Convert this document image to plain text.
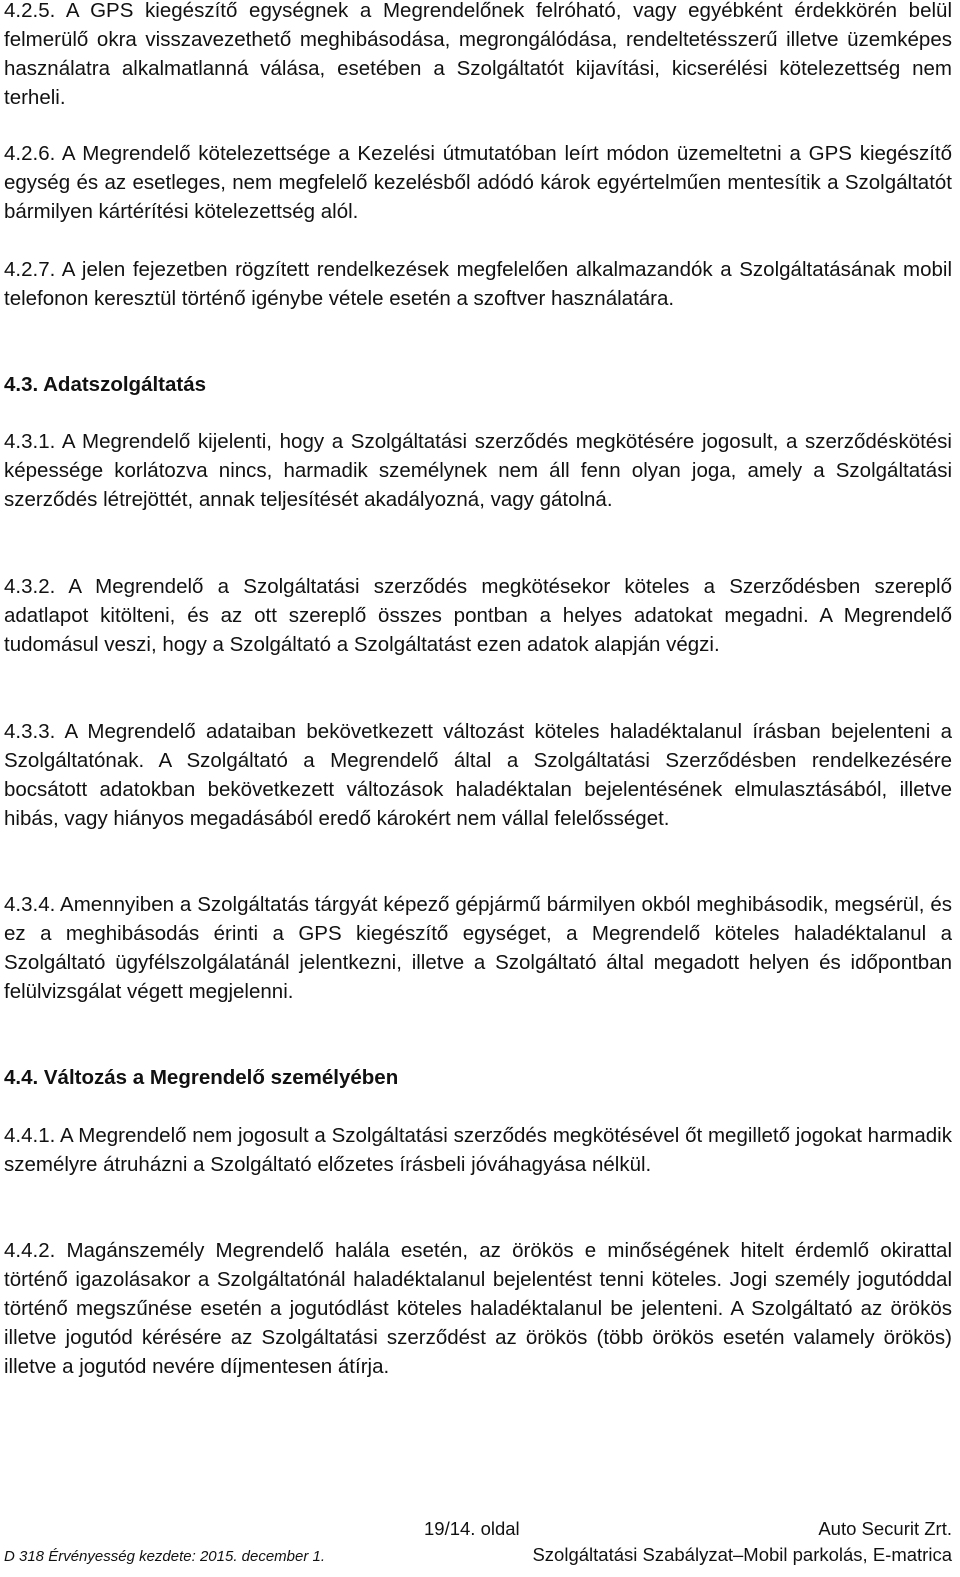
4.2.5. A GPS kiegészítő egységnek a Megrendelőnek felróható, vagy egyébként érdekkörén belül felmerülő okra visszavezethető meghibásodása, megrongálódása, rendeltetésszerű illetve üzemképes használatra alkalmatlanná válása, esetében a Szolgáltatót kijavítási, kicserélési kötelezettség nem terheli.

4.2.6. A Megrendelő kötelezettsége a Kezelési útmutatóban leírt módon üzemeltetni a GPS kiegészítő egység és az esetleges, nem megfelelő kezelésből adódó károk egyértelműen mentesítik a Szolgáltatót bármilyen kártérítési kötelezettség alól.

4.2.7. A jelen fejezetben rögzített rendelkezések megfelelően alkalmazandók a Szolgáltatásának mobil telefonon keresztül történő igénybe vétele esetén a szoftver használatára.

4.3. Adatszolgáltatás

4.3.1. A Megrendelő kijelenti, hogy a Szolgáltatási szerződés megkötésére jogosult, a szerződéskötési képessége korlátozva nincs, harmadik személynek nem áll fenn olyan joga, amely a Szolgáltatási szerződés létrejöttét, annak teljesítését akadályozná, vagy gátolná.

4.3.2. A Megrendelő a Szolgáltatási szerződés megkötésekor köteles a Szerződésben szereplő adatlapot kitölteni, és az ott szereplő összes pontban a helyes adatokat megadni. A Megrendelő tudomásul veszi, hogy a Szolgáltató a Szolgáltatást ezen adatok alapján végzi.

4.3.3. A Megrendelő adataiban bekövetkezett változást köteles haladéktalanul írásban bejelenteni a Szolgáltatónak. A Szolgáltató a Megrendelő által a Szolgáltatási Szerződésben rendelkezésére bocsátott adatokban bekövetkezett változások haladéktalan bejelentésének elmulasztásából, illetve hibás, vagy hiányos megadásából eredő károkért nem vállal felelősséget.

4.3.4. Amennyiben a Szolgáltatás tárgyát képező gépjármű bármilyen okból meghibásodik, megsérül, és ez a meghibásodás érinti a GPS kiegészítő egységet, a Megrendelő köteles haladéktalanul a Szolgáltató ügyfélszolgálatánál jelentkezni, illetve a Szolgáltató által megadott helyen és időpontban felülvizsgálat végett megjelenni.

4.4. Változás a Megrendelő személyében

4.4.1. A Megrendelő nem jogosult a Szolgáltatási szerződés megkötésével őt megillető jogokat harmadik személyre átruházni a Szolgáltató előzetes írásbeli jóváhagyása nélkül.

4.4.2. Magánszemély Megrendelő halála esetén, az örökös e minőségének hitelt érdemlő okirattal történő igazolásakor a Szolgáltatónál haladéktalanul bejelentést tenni köteles. Jogi személy jogutóddal történő megszűnése esetén a jogutódlást köteles haladéktalanul be jelenteni. A Szolgáltató az örökös illetve jogutód kérésére az Szolgáltatási szerződést az örökös (több örökös esetén valamely örökös) illetve a jogutód nevére díjmentesen átírja.

19/14. oldal	Auto Securit Zrt.
D 318 Érvényesség kezdete: 2015. december 1.	Szolgáltatási Szabályzat–Mobil parkolás, E-matrica
